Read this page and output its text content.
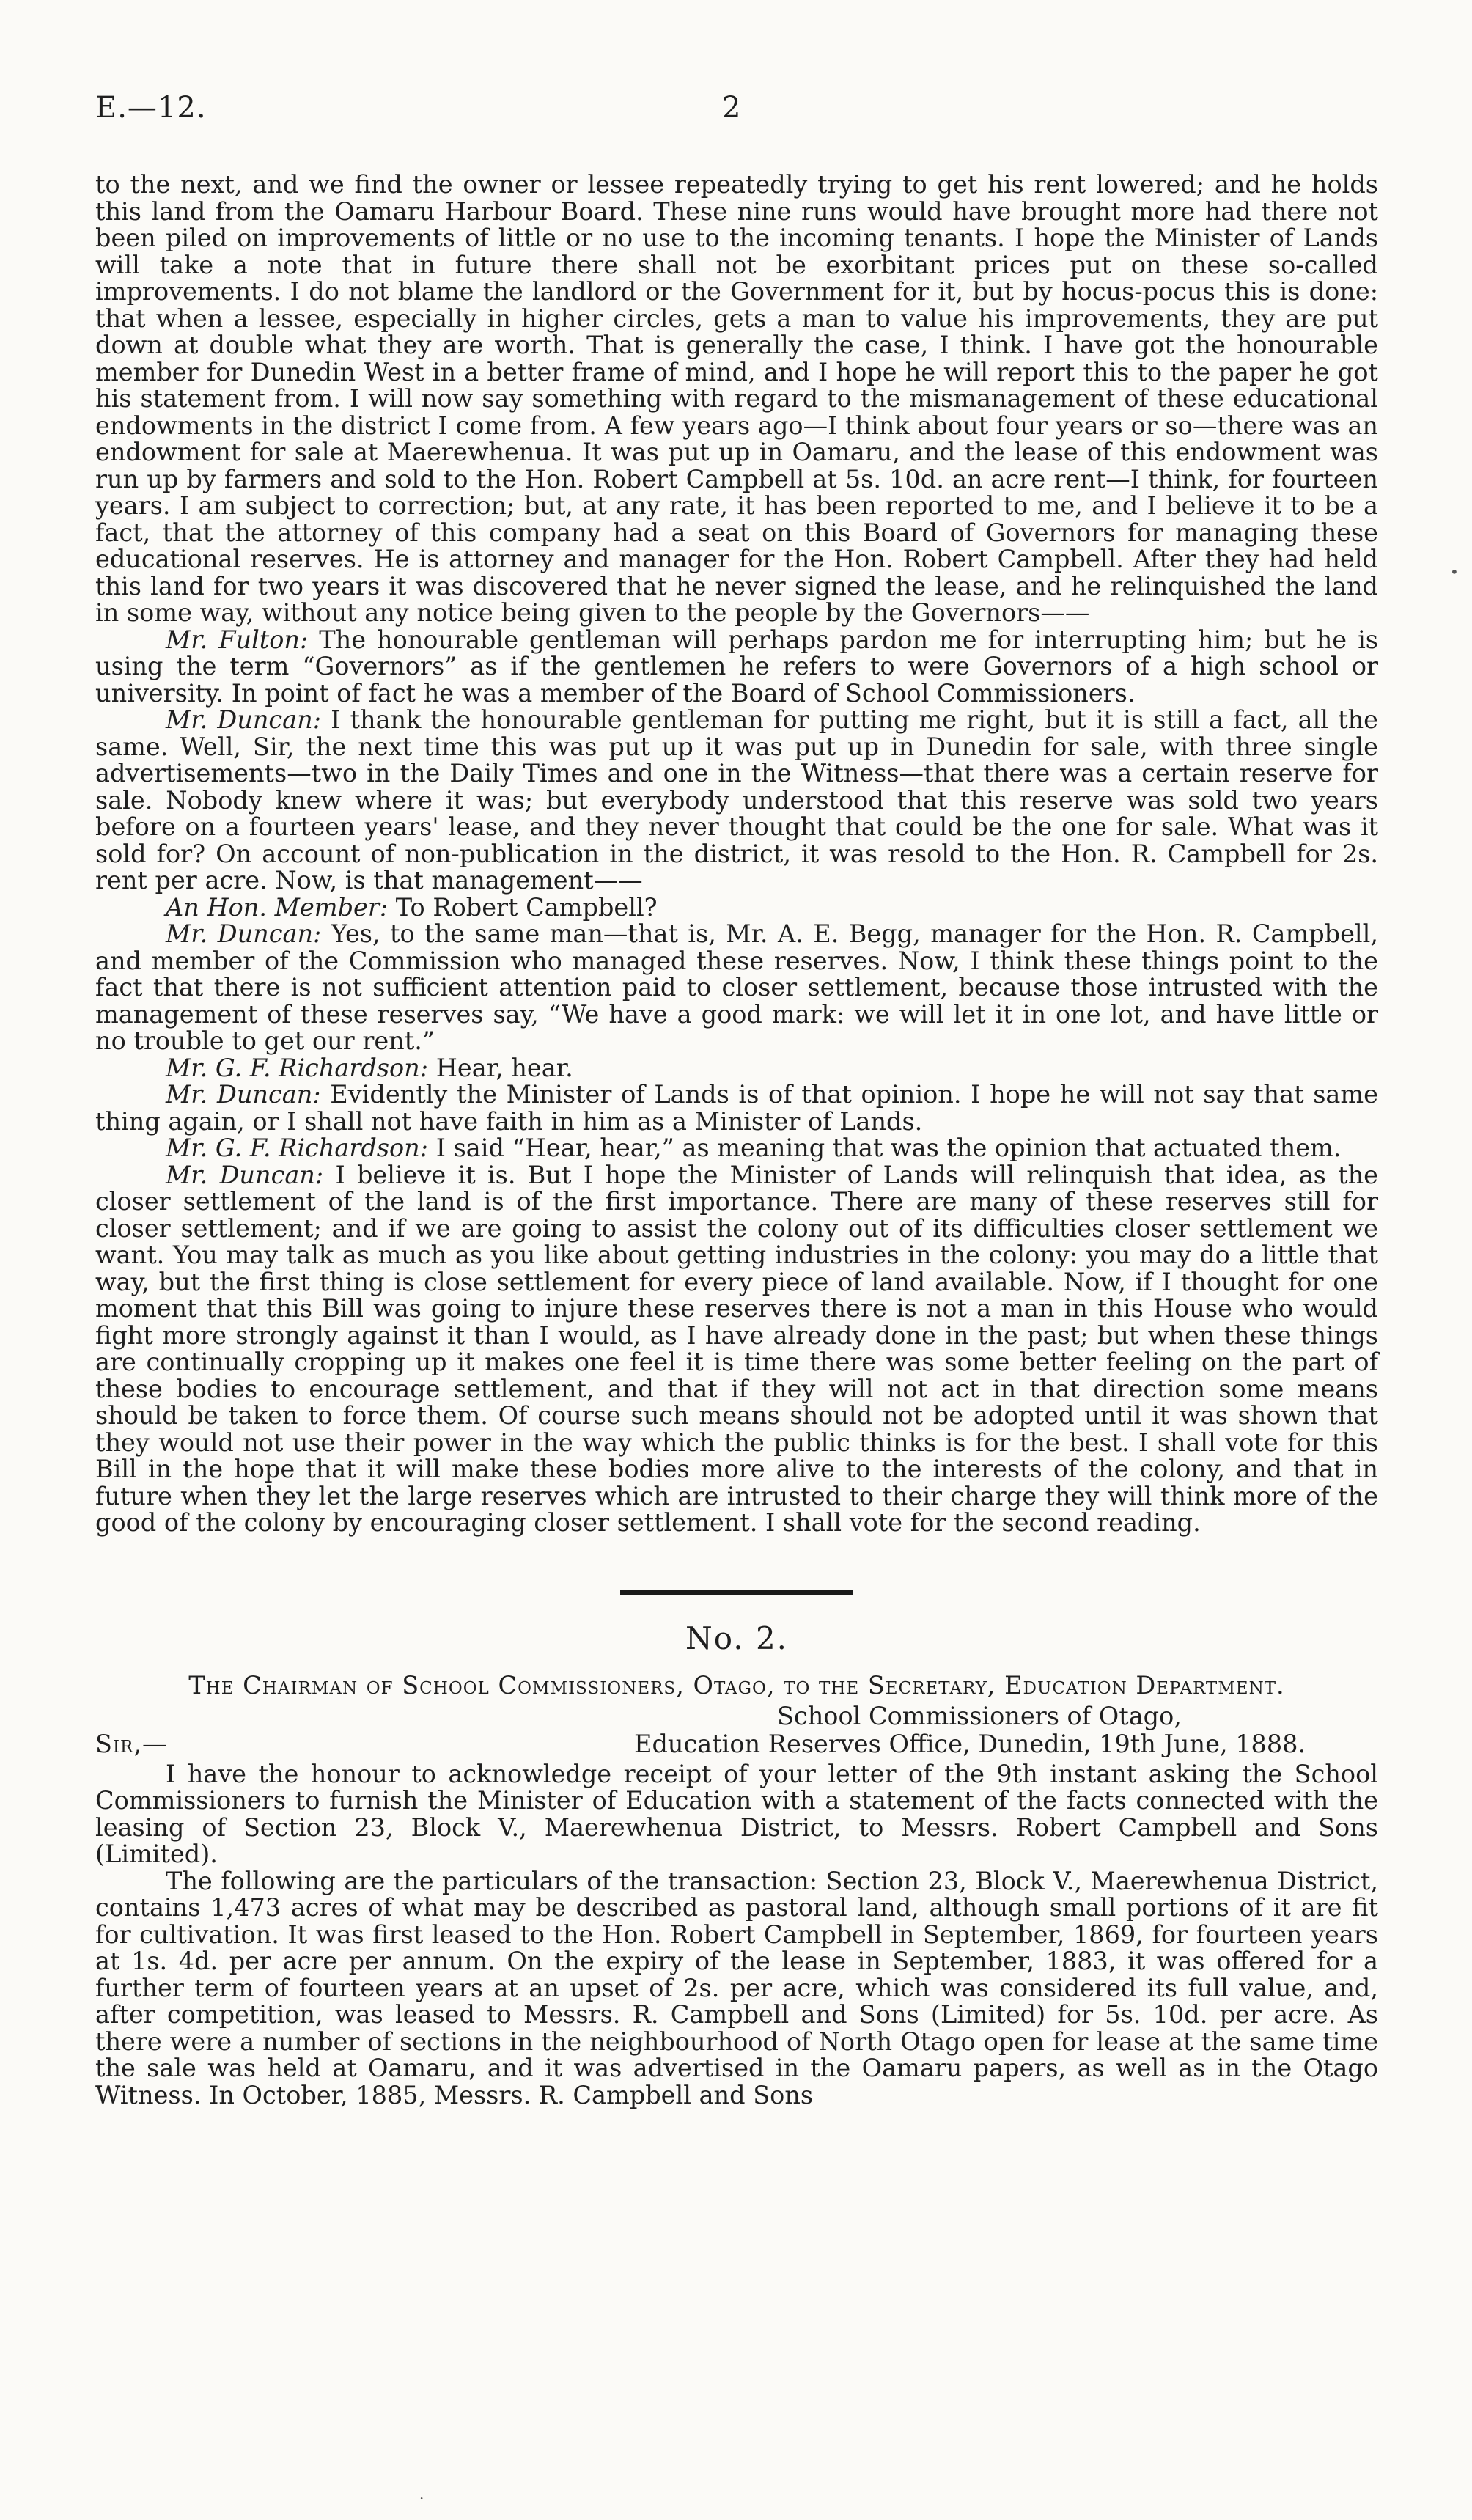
E.—12.	2

to the next, and we find the owner or lessee repeatedly trying to get his rent lowered; and he holds this land from the Oamaru Harbour Board. These nine runs would have brought more had there not been piled on improvements of little or no use to the incoming tenants. I hope the Minister of Lands will take a note that in future there shall not be exorbitant prices put on these so-called improvements. I do not blame the landlord or the Government for it, but by hocus-pocus this is done: that when a lessee, especially in higher circles, gets a man to value his improvements, they are put down at double what they are worth. That is generally the case, I think. I have got the honourable member for Dunedin West in a better frame of mind, and I hope he will report this to the paper he got his statement from. I will now say something with regard to the mismanagement of these educational endowments in the district I come from. A few years ago—I think about four years or so—there was an endowment for sale at Maerewhenua. It was put up in Oamaru, and the lease of this endowment was run up by farmers and sold to the Hon. Robert Campbell at 5s. 10d. an acre rent—I think, for fourteen years. I am subject to correction; but, at any rate, it has been reported to me, and I believe it to be a fact, that the attorney of this company had a seat on this Board of Governors for managing these educational reserves. He is attorney and manager for the Hon. Robert Campbell. After they had held this land for two years it was discovered that he never signed the lease, and he relinquished the land in some way, without any notice being given to the people by the Governors——

Mr. Fulton: The honourable gentleman will perhaps pardon me for interrupting him; but he is using the term “Governors” as if the gentlemen he refers to were Governors of a high school or university. In point of fact he was a member of the Board of School Commissioners.

Mr. Duncan: I thank the honourable gentleman for putting me right, but it is still a fact, all the same. Well, Sir, the next time this was put up it was put up in Dunedin for sale, with three single advertisements—two in the Daily Times and one in the Witness—that there was a certain reserve for sale. Nobody knew where it was; but everybody understood that this reserve was sold two years before on a fourteen years' lease, and they never thought that could be the one for sale. What was it sold for? On account of non-publication in the district, it was resold to the Hon. R. Campbell for 2s. rent per acre. Now, is that management——

An Hon. Member: To Robert Campbell?

Mr. Duncan: Yes, to the same man—that is, Mr. A. E. Begg, manager for the Hon. R. Campbell, and member of the Commission who managed these reserves. Now, I think these things point to the fact that there is not sufficient attention paid to closer settlement, because those intrusted with the management of these reserves say, “We have a good mark: we will let it in one lot, and have little or no trouble to get our rent.”

Mr. G. F. Richardson: Hear, hear.

Mr. Duncan: Evidently the Minister of Lands is of that opinion. I hope he will not say that same thing again, or I shall not have faith in him as a Minister of Lands.

Mr. G. F. Richardson: I said “Hear, hear,” as meaning that was the opinion that actuated them.

Mr. Duncan: I believe it is. But I hope the Minister of Lands will relinquish that idea, as the closer settlement of the land is of the first importance. There are many of these reserves still for closer settlement; and if we are going to assist the colony out of its difficulties closer settlement we want. You may talk as much as you like about getting industries in the colony: you may do a little that way, but the first thing is close settlement for every piece of land available. Now, if I thought for one moment that this Bill was going to injure these reserves there is not a man in this House who would fight more strongly against it than I would, as I have already done in the past; but when these things are continually cropping up it makes one feel it is time there was some better feeling on the part of these bodies to encourage settlement, and that if they will not act in that direction some means should be taken to force them. Of course such means should not be adopted until it was shown that they would not use their power in the way which the public thinks is for the best. I shall vote for this Bill in the hope that it will make these bodies more alive to the interests of the colony, and that in future when they let the large reserves which are intrusted to their charge they will think more of the good of the colony by encouraging closer settlement. I shall vote for the second reading.

No. 2.
The Chairman of School Commissioners, Otago, to the Secretary, Education Department.
School Commissioners of Otago,
Sir,—	Education Reserves Office, Dunedin, 19th June, 1888.

I have the honour to acknowledge receipt of your letter of the 9th instant asking the School Commissioners to furnish the Minister of Education with a statement of the facts connected with the leasing of Section 23, Block V., Maerewhenua District, to Messrs. Robert Campbell and Sons (Limited).

The following are the particulars of the transaction: Section 23, Block V., Maerewhenua District, contains 1,473 acres of what may be described as pastoral land, although small portions of it are fit for cultivation. It was first leased to the Hon. Robert Campbell in September, 1869, for fourteen years at 1s. 4d. per acre per annum. On the expiry of the lease in September, 1883, it was offered for a further term of fourteen years at an upset of 2s. per acre, which was considered its full value, and, after competition, was leased to Messrs. R. Campbell and Sons (Limited) for 5s. 10d. per acre. As there were a number of sections in the neighbourhood of North Otago open for lease at the same time the sale was held at Oamaru, and it was advertised in the Oamaru papers, as well as in the Otago Witness. In October, 1885, Messrs. R. Campbell and Sons

•
·
